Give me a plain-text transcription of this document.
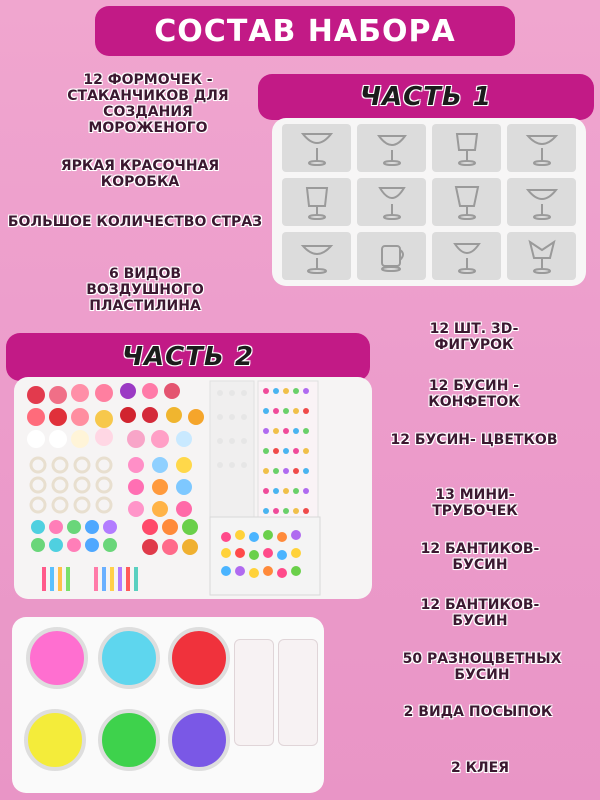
СОСТАВ НАБОРА
ЧАСТЬ 1
12 ФОРМОЧЕК - СТАКАНЧИКОВ ДЛЯ СОЗДАНИЯ МОРОЖЕНОГО
ЯРКАЯ КРАСОЧНАЯ КОРОБКА
БОЛЬШОЕ КОЛИЧЕСТВО СТРАЗ
6 ВИДОВ ВОЗДУШНОГО ПЛАСТИЛИНА
ЧАСТЬ 2
12 ШТ. 3D-ФИГУРОК
12 БУСИН - КОНФЕТОК
12 БУСИН- ЦВЕТКОВ
13 МИНИ-ТРУБОЧЕК
12 БАНТИКОВ- БУСИН
12 БАНТИКОВ- БУСИН
50 РАЗНОЦВЕТНЫХ БУСИН
2 ВИДА ПОСЫПОК
2 КЛЕЯ
